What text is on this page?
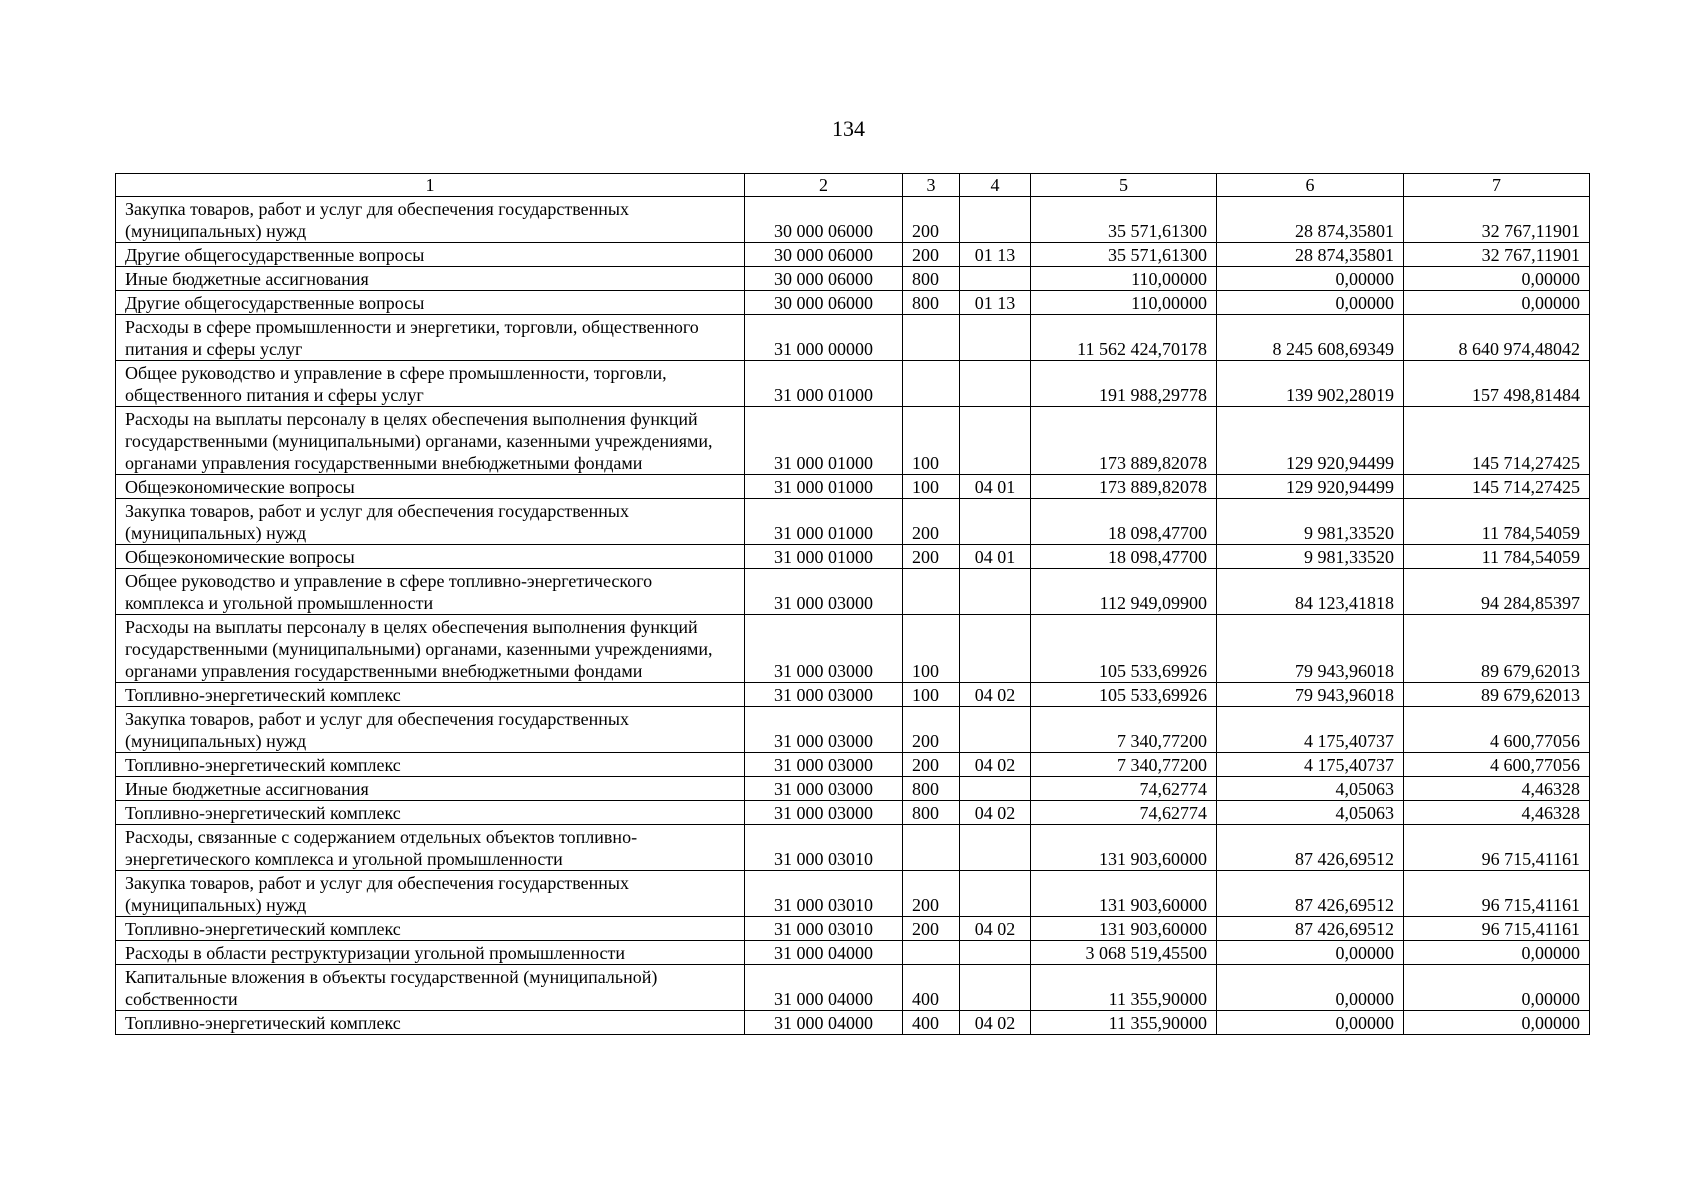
134
1	2	3	4	5	6	7
Закупка товаров, работ и услуг для обеспечения государственных (муниципальных) нужд	30 000 06000	200		35 571,61300	28 874,35801	32 767,11901
Другие общегосударственные вопросы	30 000 06000	200	01 13	35 571,61300	28 874,35801	32 767,11901
Иные бюджетные ассигнования	30 000 06000	800		110,00000	0,00000	0,00000
Другие общегосударственные вопросы	30 000 06000	800	01 13	110,00000	0,00000	0,00000
Расходы в сфере промышленности и энергетики, торговли, общественного питания и сферы услуг	31 000 00000			11 562 424,70178	8 245 608,69349	8 640 974,48042
Общее руководство и управление в сфере промышленности, торговли, общественного питания и сферы услуг	31 000 01000			191 988,29778	139 902,28019	157 498,81484
Расходы на выплаты персоналу в целях обеспечения выполнения функций государственными (муниципальными) органами, казенными учреждениями, органами управления государственными внебюджетными фондами	31 000 01000	100		173 889,82078	129 920,94499	145 714,27425
Общеэкономические вопросы	31 000 01000	100	04 01	173 889,82078	129 920,94499	145 714,27425
Закупка товаров, работ и услуг для обеспечения государственных (муниципальных) нужд	31 000 01000	200		18 098,47700	9 981,33520	11 784,54059
Общеэкономические вопросы	31 000 01000	200	04 01	18 098,47700	9 981,33520	11 784,54059
Общее руководство и управление в сфере топливно-энергетического комплекса и угольной промышленности	31 000 03000			112 949,09900	84 123,41818	94 284,85397
Расходы на выплаты персоналу в целях обеспечения выполнения функций государственными (муниципальными) органами, казенными учреждениями, органами управления государственными внебюджетными фондами	31 000 03000	100		105 533,69926	79 943,96018	89 679,62013
Топливно-энергетический комплекс	31 000 03000	100	04 02	105 533,69926	79 943,96018	89 679,62013
Закупка товаров, работ и услуг для обеспечения государственных (муниципальных) нужд	31 000 03000	200		7 340,77200	4 175,40737	4 600,77056
Топливно-энергетический комплекс	31 000 03000	200	04 02	7 340,77200	4 175,40737	4 600,77056
Иные бюджетные ассигнования	31 000 03000	800		74,62774	4,05063	4,46328
Топливно-энергетический комплекс	31 000 03000	800	04 02	74,62774	4,05063	4,46328
Расходы, связанные с содержанием отдельных объектов топливно-энергетического комплекса и угольной промышленности	31 000 03010			131 903,60000	87 426,69512	96 715,41161
Закупка товаров, работ и услуг для обеспечения государственных (муниципальных) нужд	31 000 03010	200		131 903,60000	87 426,69512	96 715,41161
Топливно-энергетический комплекс	31 000 03010	200	04 02	131 903,60000	87 426,69512	96 715,41161
Расходы в области реструктуризации угольной промышленности	31 000 04000			3 068 519,45500	0,00000	0,00000
Капитальные вложения в объекты государственной (муниципальной) собственности	31 000 04000	400		11 355,90000	0,00000	0,00000
Топливно-энергетический комплекс	31 000 04000	400	04 02	11 355,90000	0,00000	0,00000
